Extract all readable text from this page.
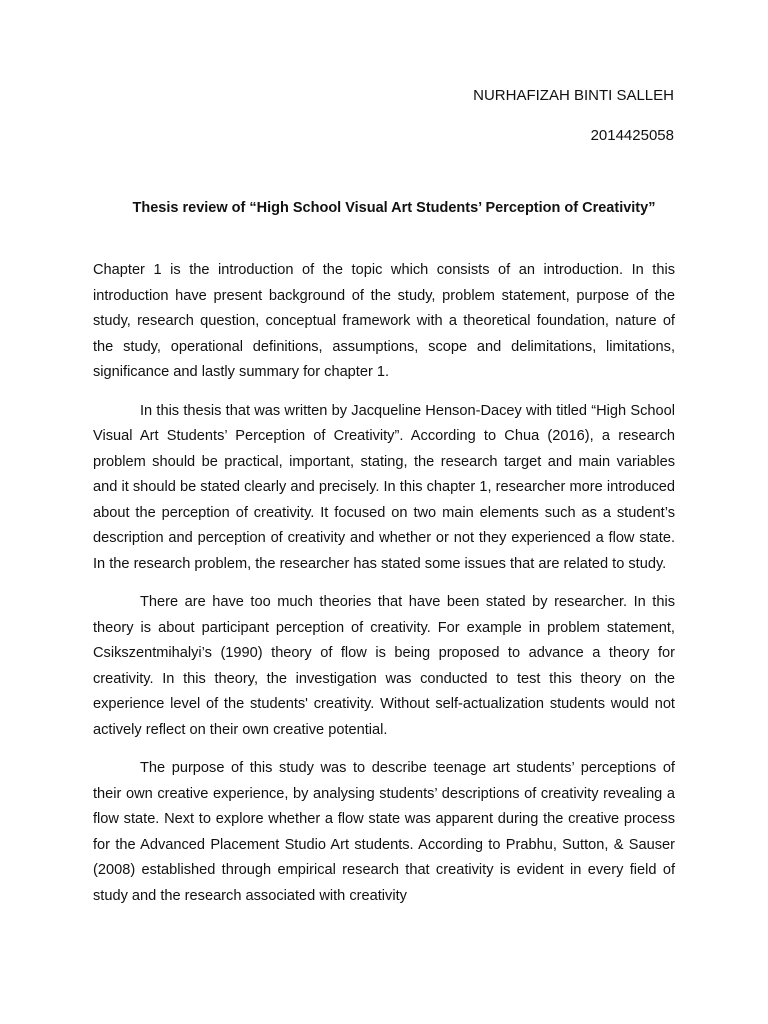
NURHAFIZAH BINTI SALLEH
2014425058
Thesis review of “High School Visual Art Students’ Perception of Creativity”

Chapter 1 is the introduction of the topic which consists of an introduction. In this introduction have present background of the study, problem statement, purpose of the study, research question, conceptual framework with a theoretical foundation, nature of the study, operational definitions, assumptions, scope and delimitations, limitations, significance and lastly summary for chapter 1.

In this thesis that was written by Jacqueline Henson-Dacey with titled “High School Visual Art Students’ Perception of Creativity”. According to Chua (2016), a research problem should be practical, important, stating, the research target and main variables and it should be stated clearly and precisely. In this chapter 1, researcher more introduced about the perception of creativity. It focused on two main elements such as a student’s description and perception of creativity and whether or not they experienced a flow state. In the research problem, the researcher has stated some issues that are related to study.

There are have too much theories that have been stated by researcher. In this theory is about participant perception of creativity. For example in problem statement, Csikszentmihalyi’s (1990) theory of flow is being proposed to advance a theory for creativity. In this theory, the investigation was conducted to test this theory on the experience level of the students' creativity. Without self-actualization students would not actively reflect on their own creative potential.

The purpose of this study was to describe teenage art students’ perceptions of their own creative experience, by analysing students’ descriptions of creativity revealing a flow state. Next to explore whether a flow state was apparent during the creative process for the Advanced Placement Studio Art students. According to Prabhu, Sutton, & Sauser (2008) established through empirical research that creativity is evident in every field of study and the research associated with creativity
